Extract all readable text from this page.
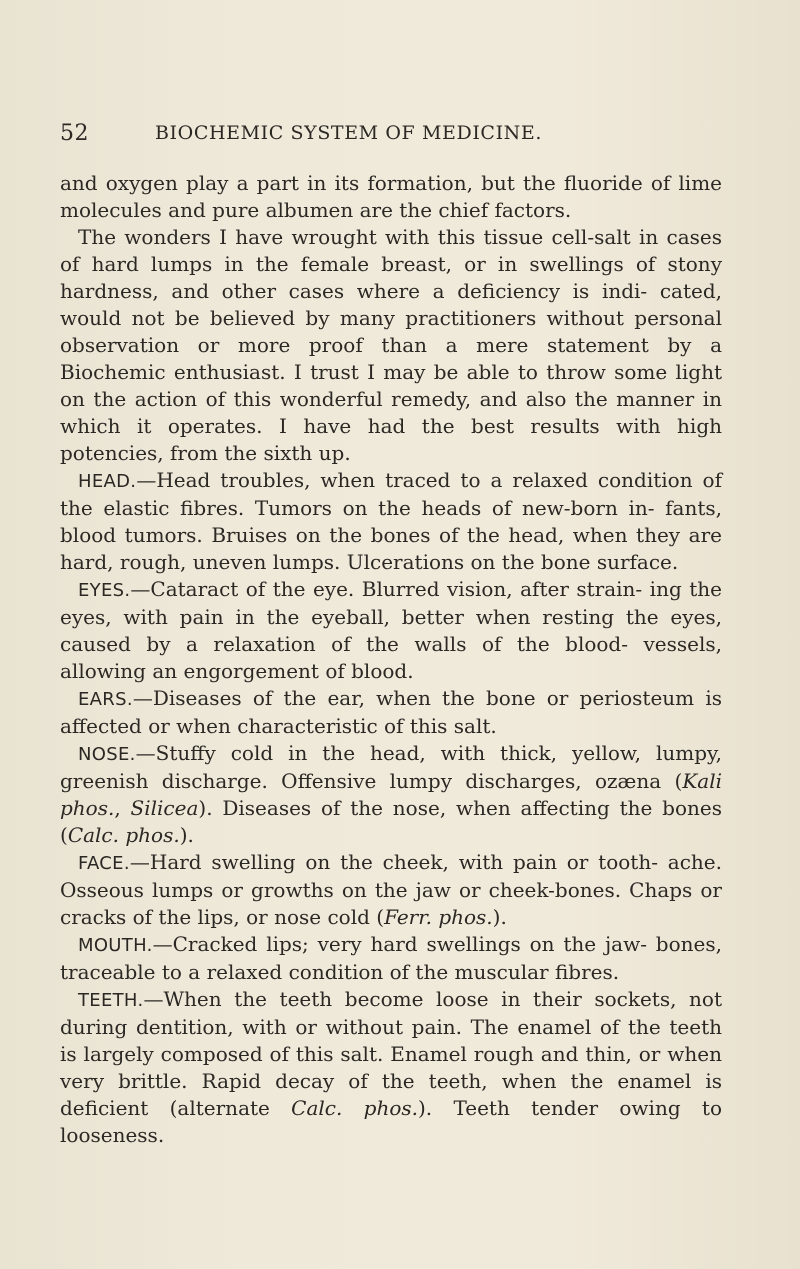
52	BIOCHEMIC SYSTEM OF MEDICINE.

and oxygen play a part in its formation, but the fluoride of lime molecules and pure albumen are the chief factors.

The wonders I have wrought with this tissue cell-salt in cases of hard lumps in the female breast, or in swellings of stony hardness, and other cases where a deficiency is indi- cated, would not be believed by many practitioners without personal observation or more proof than a mere statement by a Biochemic enthusiast. I trust I may be able to throw some light on the action of this wonderful remedy, and also the manner in which it operates. I have had the best results with high potencies, from the sixth up.

HEAD.—Head troubles, when traced to a relaxed condition of the elastic fibres. Tumors on the heads of new-born in- fants, blood tumors. Bruises on the bones of the head, when they are hard, rough, uneven lumps. Ulcerations on the bone surface.

EYES.—Cataract of the eye. Blurred vision, after strain- ing the eyes, with pain in the eyeball, better when resting the eyes, caused by a relaxation of the walls of the blood- vessels, allowing an engorgement of blood.

EARS.—Diseases of the ear, when the bone or periosteum is affected or when characteristic of this salt.

NOSE.—Stuffy cold in the head, with thick, yellow, lumpy, greenish discharge. Offensive lumpy discharges, ozæna (Kali phos., Silicea). Diseases of the nose, when affecting the bones (Calc. phos.).

FACE.—Hard swelling on the cheek, with pain or tooth- ache. Osseous lumps or growths on the jaw or cheek-bones. Chaps or cracks of the lips, or nose cold (Ferr. phos.).

MOUTH.—Cracked lips; very hard swellings on the jaw- bones, traceable to a relaxed condition of the muscular fibres.

TEETH.—When the teeth become loose in their sockets, not during dentition, with or without pain. The enamel of the teeth is largely composed of this salt. Enamel rough and thin, or when very brittle. Rapid decay of the teeth, when the enamel is deficient (alternate Calc. phos.). Teeth tender owing to looseness.
